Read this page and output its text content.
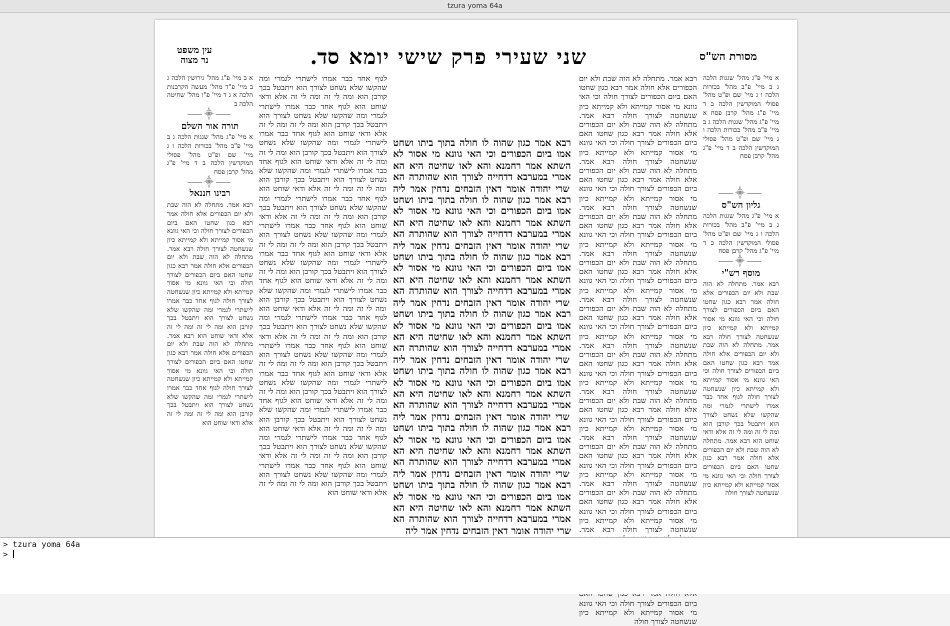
tzura yoma 64a
מסורת הש"ס
שני שעירי פרק שישי יומא
סד.
עין משפט
נר מצוה
א מיי' פ"ג מהל' שגגות הלכה ג ב מיי' פ"ב מהל' בכורות הלכה ו ג מיי' שם ופ"ט מהל' פסולי המוקדשין הלכה ב ד מיי' פ"ג מהל' קרבן פסח א מיי' פ"ג מהל' שגגות הלכה ג ב מיי' פ"ב מהל' בכורות הלכה ו ג מיי' שם ופ"ט מהל' פסולי המוקדשין הלכה ב ד מיי' פ"ג מהל' קרבן פסח
⸺⸎⸺
גליון הש"ס
א מיי' פ"ג מהל' שגגות הלכה ג ב מיי' פ"ב מהל' בכורות הלכה ו ג מיי' שם ופ"ט מהל' פסולי המוקדשין הלכה ב ד מיי' פ"ג מהל' קרבן פסח
⸺⸎⸺
מוסף רש"י
רבא אמר. מתחלה לא הוה שבת ולא יום הכפורים אלא חולה אמר רבא כגון שחטו האם ביום הכפורים לצורך חולה וכי האי גוונא מי אסור קמייתא ולא קמייתא כיון שנשחטה לצורך חולה רבא אמר. מתחלה לא הוה שבת ולא יום הכפורים אלא חולה אמר רבא כגון שחטו האם ביום הכפורים לצורך חולה וכי האי גוונא מי אסור קמייתא ולא קמייתא כיון שנשחטה לצורך חולה לגוף אחד כבר אמרו לישתרי לגמרי ומה שהקשו שלא נשחט לצורך הוא ויתבטל בכך קורבן הוא ומה לי זה ומה לי זה אלא ודאי שוחט הוא רבא אמר. מתחלה לא הוה שבת ולא יום הכפורים אלא חולה אמר רבא כגון שחטו האם ביום הכפורים לצורך חולה וכי האי גוונא מי אסור קמייתא ולא קמייתא כיון שנשחטה לצורך חולה
רבא אמר. מתחלה לא הוה שבת ולא יום הכפורים אלא חולה אמר רבא כגון שחטו האם ביום הכפורים לצורך חולה וכי האי גוונא מי אסור קמייתא ולא קמייתא כיון שנשחטה לצורך חולה רבא אמר. מתחלה לא הוה שבת ולא יום הכפורים אלא חולה אמר רבא כגון שחטו האם ביום הכפורים לצורך חולה וכי האי גוונא מי אסור קמייתא ולא קמייתא כיון שנשחטה לצורך חולה רבא אמר. מתחלה לא הוה שבת ולא יום הכפורים אלא חולה אמר רבא כגון שחטו האם ביום הכפורים לצורך חולה וכי האי גוונא מי אסור קמייתא ולא קמייתא כיון שנשחטה לצורך חולה רבא אמר. מתחלה לא הוה שבת ולא יום הכפורים אלא חולה אמר רבא כגון שחטו האם ביום הכפורים לצורך חולה וכי האי גוונא מי אסור קמייתא ולא קמייתא כיון שנשחטה לצורך חולה רבא אמר. מתחלה לא הוה שבת ולא יום הכפורים אלא חולה אמר רבא כגון שחטו האם ביום הכפורים לצורך חולה וכי האי גוונא מי אסור קמייתא ולא קמייתא כיון שנשחטה לצורך חולה רבא אמר. מתחלה לא הוה שבת ולא יום הכפורים אלא חולה אמר רבא כגון שחטו האם ביום הכפורים לצורך חולה וכי האי גוונא מי אסור קמייתא ולא קמייתא כיון שנשחטה לצורך חולה רבא אמר. מתחלה לא הוה שבת ולא יום הכפורים אלא חולה אמר רבא כגון שחטו האם ביום הכפורים לצורך חולה וכי האי גוונא מי אסור קמייתא ולא קמייתא כיון שנשחטה לצורך חולה רבא אמר. מתחלה לא הוה שבת ולא יום הכפורים אלא חולה אמר רבא כגון שחטו האם ביום הכפורים לצורך חולה וכי האי גוונא מי אסור קמייתא ולא קמייתא כיון שנשחטה לצורך חולה רבא אמר. מתחלה לא הוה שבת ולא יום הכפורים אלא חולה אמר רבא כגון שחטו האם ביום הכפורים לצורך חולה וכי האי גוונא מי אסור קמייתא ולא קמייתא כיון שנשחטה לצורך חולה רבא אמר. מתחלה לא הוה שבת ולא יום הכפורים אלא חולה אמר רבא כגון שחטו האם ביום הכפורים לצורך חולה וכי האי גוונא מי אסור קמייתא ולא קמייתא כיון שנשחטה לצורך חולה רבא אמר. ביום הכפורים לצורך חולה וכי האי גוונא מי אסור קמייתא ולא קמייתא כיון שנשחטה לצורך חולה
רבא אמר כגון שהוה לו חולה בתוך ביתו ושחט אמו ביום הכפורים וכי האי גוונא מי אסור לא השתא אמר רחמנא והא לאו שחיטה היא הא אמרי במערבא דדחייה לצורך הוא שהותרה הא שרי יהודה אומר דאין הזבחים נדחין אמר ליה רבא אמר כגון שהוה לו חולה בתוך ביתו ושחט אמו ביום הכפורים וכי האי גוונא מי אסור לא השתא אמר רחמנא והא לאו שחיטה היא הא אמרי במערבא דדחייה לצורך הוא שהותרה הא שרי יהודה אומר דאין הזבחים נדחין אמר ליה רבא אמר כגון שהוה לו חולה בתוך ביתו ושחט אמו ביום הכפורים וכי האי גוונא מי אסור לא השתא אמר רחמנא והא לאו שחיטה היא הא אמרי במערבא דדחייה לצורך הוא שהותרה הא שרי יהודה אומר דאין הזבחים נדחין אמר ליה רבא אמר כגון שהוה לו חולה בתוך ביתו ושחט אמו ביום הכפורים וכי האי גוונא מי אסור לא השתא אמר רחמנא והא לאו שחיטה היא הא אמרי במערבא דדחייה לצורך הוא שהותרה הא שרי יהודה אומר דאין הזבחים נדחין אמר ליה רבא אמר כגון שהוה לו חולה בתוך ביתו ושחט אמו ביום הכפורים וכי האי גוונא מי אסור לא השתא אמר רחמנא והא לאו שחיטה היא הא אמרי במערבא דדחייה לצורך הוא שהותרה הא שרי יהודה אומר דאין הזבחים נדחין אמר ליה רבא אמר כגון שהוה לו חולה בתוך ביתו ושחט אמו ביום הכפורים וכי האי גוונא מי אסור לא השתא אמר רחמנא והא לאו שחיטה היא הא אמרי במערבא דדחייה לצורך הוא שהותרה הא שרי יהודה אומר דאין הזבחים נדחין אמר ליה רבא אמר כגון שהוה לו חולה בתוך ביתו ושחט אמו ביום הכפורים וכי האי גוונא מי אסור לא השתא אמר רחמנא והא לאו שחיטה היא הא אמרי במערבא דדחייה לצורך הוא שהותרה הא שרי יהודה אומר דאין הזבחים נדחין אמר ליה
לגוף אחד כבר אמרו לישתרי לגמרי ומה שהקשו שלא נשחט לצורך הוא ויתבטל בכך קורבן הוא ומה לי זה ומה לי זה אלא ודאי שוחט הוא לגוף אחד כבר אמרו לישתרי לגמרי ומה שהקשו שלא נשחט לצורך הוא ויתבטל בכך קורבן הוא ומה לי זה ומה לי זה אלא ודאי שוחט הוא לגוף אחד כבר אמרו לישתרי לגמרי ומה שהקשו שלא נשחט לצורך הוא ויתבטל בכך קורבן הוא ומה לי זה ומה לי זה אלא ודאי שוחט הוא לגוף אחד כבר אמרו לישתרי לגמרי ומה שהקשו שלא נשחט לצורך הוא ויתבטל בכך קורבן הוא ומה לי זה ומה לי זה אלא ודאי שוחט הוא לגוף אחד כבר אמרו לישתרי לגמרי ומה שהקשו שלא נשחט לצורך הוא ויתבטל בכך קורבן הוא ומה לי זה ומה לי זה אלא ודאי שוחט הוא לגוף אחד כבר אמרו לישתרי לגמרי ומה שהקשו שלא נשחט לצורך הוא ויתבטל בכך קורבן הוא ומה לי זה ומה לי זה אלא ודאי שוחט הוא לגוף אחד כבר אמרו לישתרי לגמרי ומה שהקשו שלא נשחט לצורך הוא ויתבטל בכך קורבן הוא ומה לי זה ומה לי זה אלא ודאי שוחט הוא לגוף אחד כבר אמרו לישתרי לגמרי ומה שהקשו שלא נשחט לצורך הוא ויתבטל בכך קורבן הוא ומה לי זה ומה לי זה אלא ודאי שוחט הוא לגוף אחד כבר אמרו לישתרי לגמרי ומה שהקשו שלא נשחט לצורך הוא ויתבטל בכך קורבן הוא ומה לי זה ומה לי זה אלא ודאי שוחט הוא לגוף אחד כבר אמרו לישתרי לגמרי ומה שהקשו שלא נשחט לצורך הוא ויתבטל בכך קורבן הוא ומה לי זה ומה לי זה אלא ודאי שוחט הוא לגוף אחד כבר אמרו לישתרי לגמרי ומה שהקשו שלא נשחט לצורך הוא ויתבטל בכך קורבן הוא ומה לי זה ומה לי זה אלא ודאי שוחט הוא לגוף אחד כבר אמרו לישתרי לגמרי ומה שהקשו שלא נשחט לצורך הוא ויתבטל בכך קורבן הוא ומה לי זה ומה לי זה אלא ודאי שוחט הוא לגוף אחד כבר אמרו לישתרי לגמרי ומה שהקשו שלא נשחט לצורך הוא ויתבטל בכך קורבן הוא ומה לי זה ומה לי זה אלא ודאי שוחט הוא לגוף אחד כבר אמרו לישתרי לגמרי ומה שהקשו שלא נשחט לצורך הוא ויתבטל בכך קורבן הוא ומה לי זה ומה לי זה אלא ודאי שוחט הוא
א ב מיי' פ"ג מהל' גירושין הלכה ג ב מיי' פ"ד מהל' מעשה הקרבנות הלכה א ג ד מיי' פ"ו מהל' שחיטה הלכה ב
⸺⸎⸺
תורה אור השלם
א מיי' פ"ג מהל' שגגות הלכה ג ב מיי' פ"ב מהל' בכורות הלכה ו ג מיי' שם ופ"ט מהל' פסולי המוקדשין הלכה ב ד מיי' פ"ג מהל' קרבן פסח
⸺⸎⸺
רבינו חננאל
רבא אמר. מתחלה לא הוה שבת ולא יום הכפורים אלא חולה אמר רבא כגון שחטו האם ביום הכפורים לצורך חולה וכי האי גוונא מי אסור קמייתא ולא קמייתא כיון שנשחטה לצורך חולה רבא אמר. מתחלה לא הוה שבת ולא יום הכפורים אלא חולה אמר רבא כגון שחטו האם ביום הכפורים לצורך חולה וכי האי גוונא מי אסור קמייתא ולא קמייתא כיון שנשחטה לצורך חולה לגוף אחד כבר אמרו לישתרי לגמרי ומה שהקשו שלא נשחט לצורך הוא ויתבטל בכך קורבן הוא ומה לי זה ומה לי זה אלא ודאי שוחט הוא רבא אמר. מתחלה לא הוה שבת ולא יום הכפורים אלא חולה אמר רבא כגון שחטו האם ביום הכפורים לצורך חולה וכי האי גוונא מי אסור קמייתא ולא קמייתא כיון שנשחטה לצורך חולה לגוף אחד כבר אמרו לישתרי לגמרי ומה שהקשו שלא נשחט לצורך הוא ויתבטל בכך קורבן הוא ומה לי זה ומה לי זה אלא ודאי שוחט הוא
> tzura yoma 64a
>
